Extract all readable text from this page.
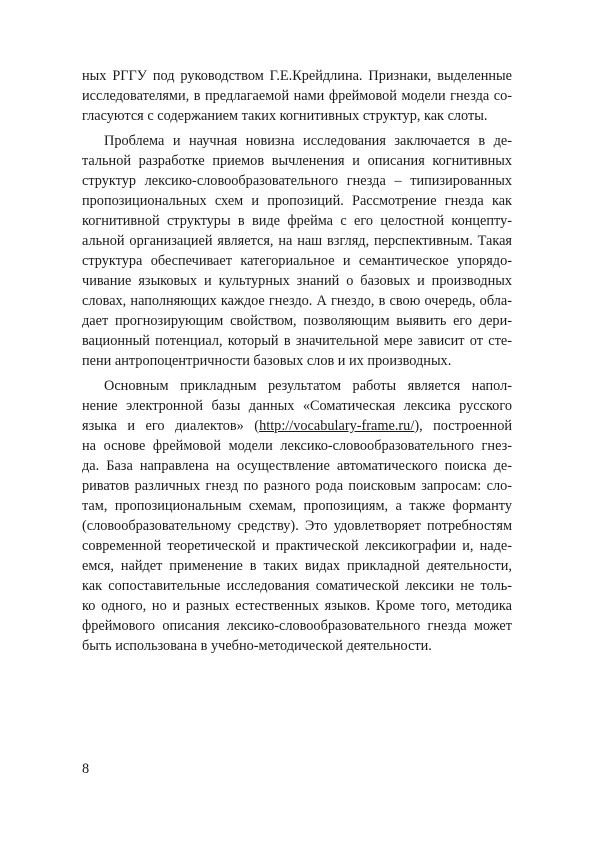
ных РГГУ под руководством Г.Е.Крейдлина. Признаки, выделенные
исследователями, в предлагаемой нами фреймовой модели гнезда со-
гласуются с содержанием таких когнитивных структур, как слоты.
Проблема и научная новизна исследования заключается в де-
тальной разработке приемов вычленения и описания когнитивных
структур лексико-словообразовательного гнезда – типизированных
пропозициональных схем и пропозиций. Рассмотрение гнезда как
когнитивной структуры в виде фрейма с его целостной концепту-
альной организацией является, на наш взгляд, перспективным. Такая
структура обеспечивает категориальное и семантическое упорядо-
чивание языковых и культурных знаний о базовых и производных
словах, наполняющих каждое гнездо. А гнездо, в свою очередь, обла-
дает прогнозирующим свойством, позволяющим выявить его дери-
вационный потенциал, который в значительной мере зависит от сте-
пени антропоцентричности базовых слов и их производных.
Основным прикладным результатом работы является напол-
нение электронной базы данных «Соматическая лексика русского
языка и его диалектов» (http://vocabulary-frame.ru/), построенной
на основе фреймовой модели лексико-словообразовательного гнез-
да. База направлена на осуществление автоматического поиска де-
риватов различных гнезд по разного рода поисковым запросам: сло-
там, пропозициональным схемам, пропозициям, а также форманту
(словообразовательному средству). Это удовлетворяет потребностям
современной теоретической и практической лексикографии и, наде-
емся, найдет применение в таких видах прикладной деятельности,
как сопоставительные исследования соматической лексики не толь-
ко одного, но и разных естественных языков. Кроме того, методика
фреймового описания лексико-словообразовательного гнезда может
быть использована в учебно-методической деятельности.
8
